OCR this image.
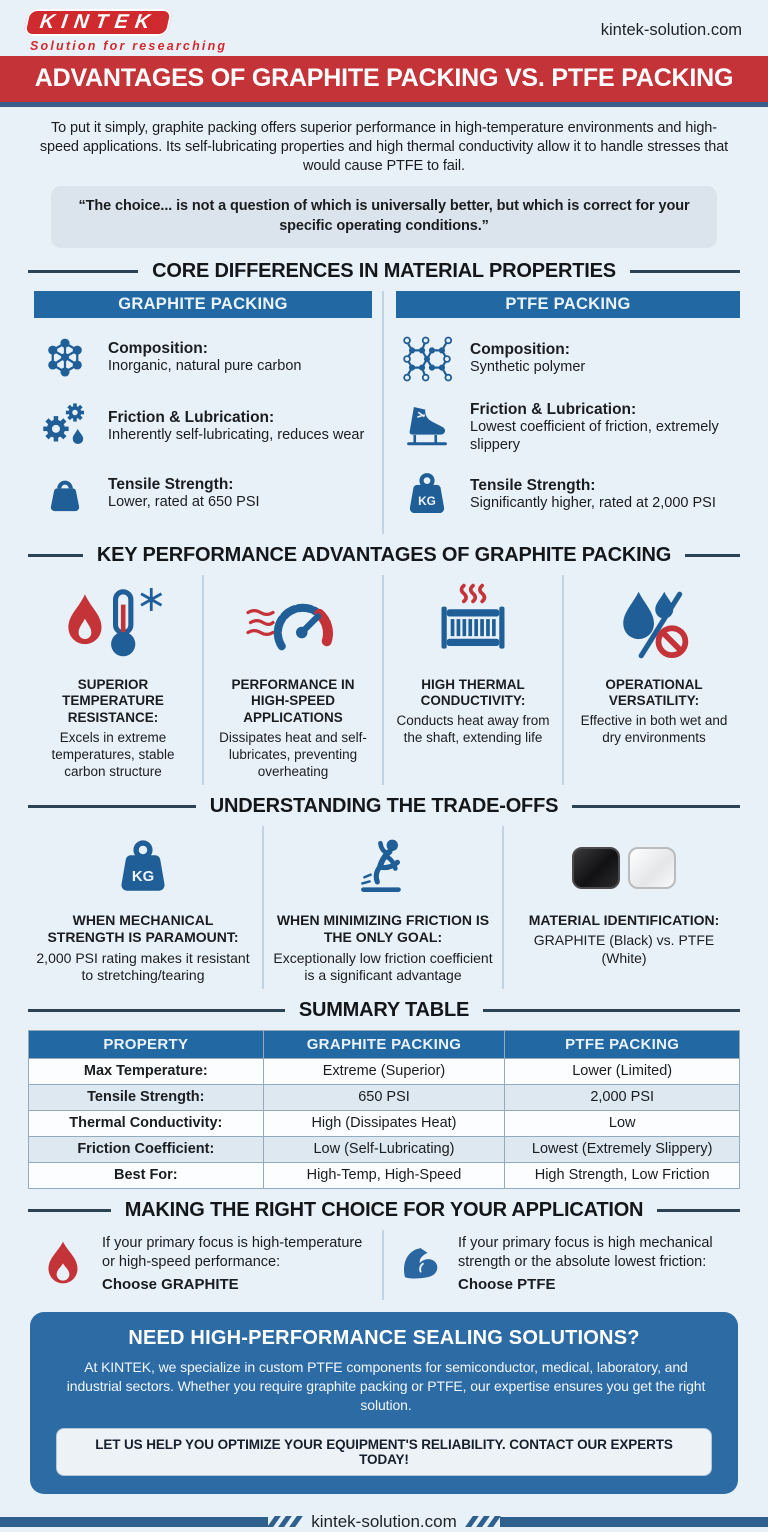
KINTEK
Solution for researching
kintek-solution.com
ADVANTAGES OF GRAPHITE PACKING VS. PTFE PACKING

To put it simply, graphite packing offers superior performance in high-temperature environments and high-speed applications. Its self-lubricating properties and high thermal conductivity allow it to handle stresses that would cause PTFE to fail.

“The choice... is not a question of which is universally better, but which is correct for your specific operating conditions.”
CORE DIFFERENCES IN MATERIAL PROPERTIES
GRAPHITE PACKING
Composition:
Inorganic, natural pure carbon
Friction & Lubrication:
Inherently self-lubricating, reduces wear
Tensile Strength:
Lower, rated at 650 PSI
PTFE PACKING
Composition:
Synthetic polymer
Friction & Lubrication:
Lowest coefficient of friction, extremely slippery
KG
Tensile Strength:
Significantly higher, rated at 2,000 PSI
KEY PERFORMANCE ADVANTAGES OF GRAPHITE PACKING
SUPERIOR TEMPERATURE RESISTANCE:
Excels in extreme temperatures, stable carbon structure
PERFORMANCE IN HIGH-SPEED APPLICATIONS
Dissipates heat and self-lubricates, preventing overheating
HIGH THERMAL CONDUCTIVITY:
Conducts heat away from the shaft, extending life
OPERATIONAL VERSATILITY:
Effective in both wet and dry environments
UNDERSTANDING THE TRADE-OFFS
KG
WHEN MECHANICAL STRENGTH IS PARAMOUNT:
2,000 PSI rating makes it resistant to stretching/tearing
WHEN MINIMIZING FRICTION IS THE ONLY GOAL:
Exceptionally low friction coefficient is a significant advantage
MATERIAL IDENTIFICATION:
GRAPHITE (Black) vs. PTFE (White)
SUMMARY TABLE
PROPERTY	GRAPHITE PACKING	PTFE PACKING
Max Temperature:	Extreme (Superior)	Lower (Limited)
Tensile Strength:	650 PSI	2,000 PSI
Thermal Conductivity:	High (Dissipates Heat)	Low
Friction Coefficient:	Low (Self-Lubricating)	Lowest (Extremely Slippery)
Best For:	High-Temp, High-Speed	High Strength, Low Friction
MAKING THE RIGHT CHOICE FOR YOUR APPLICATION
If your primary focus is high-temperature or high-speed performance:
Choose GRAPHITE
If your primary focus is high mechanical strength or the absolute lowest friction:
Choose PTFE
NEED HIGH-PERFORMANCE SEALING SOLUTIONS?

At KINTEK, we specialize in custom PTFE components for semiconductor, medical, laboratory, and industrial sectors. Whether you require graphite packing or PTFE, our expertise ensures you get the right solution.

LET US HELP YOU OPTIMIZE YOUR EQUIPMENT'S RELIABILITY. CONTACT OUR EXPERTS TODAY!
kintek-solution.com
